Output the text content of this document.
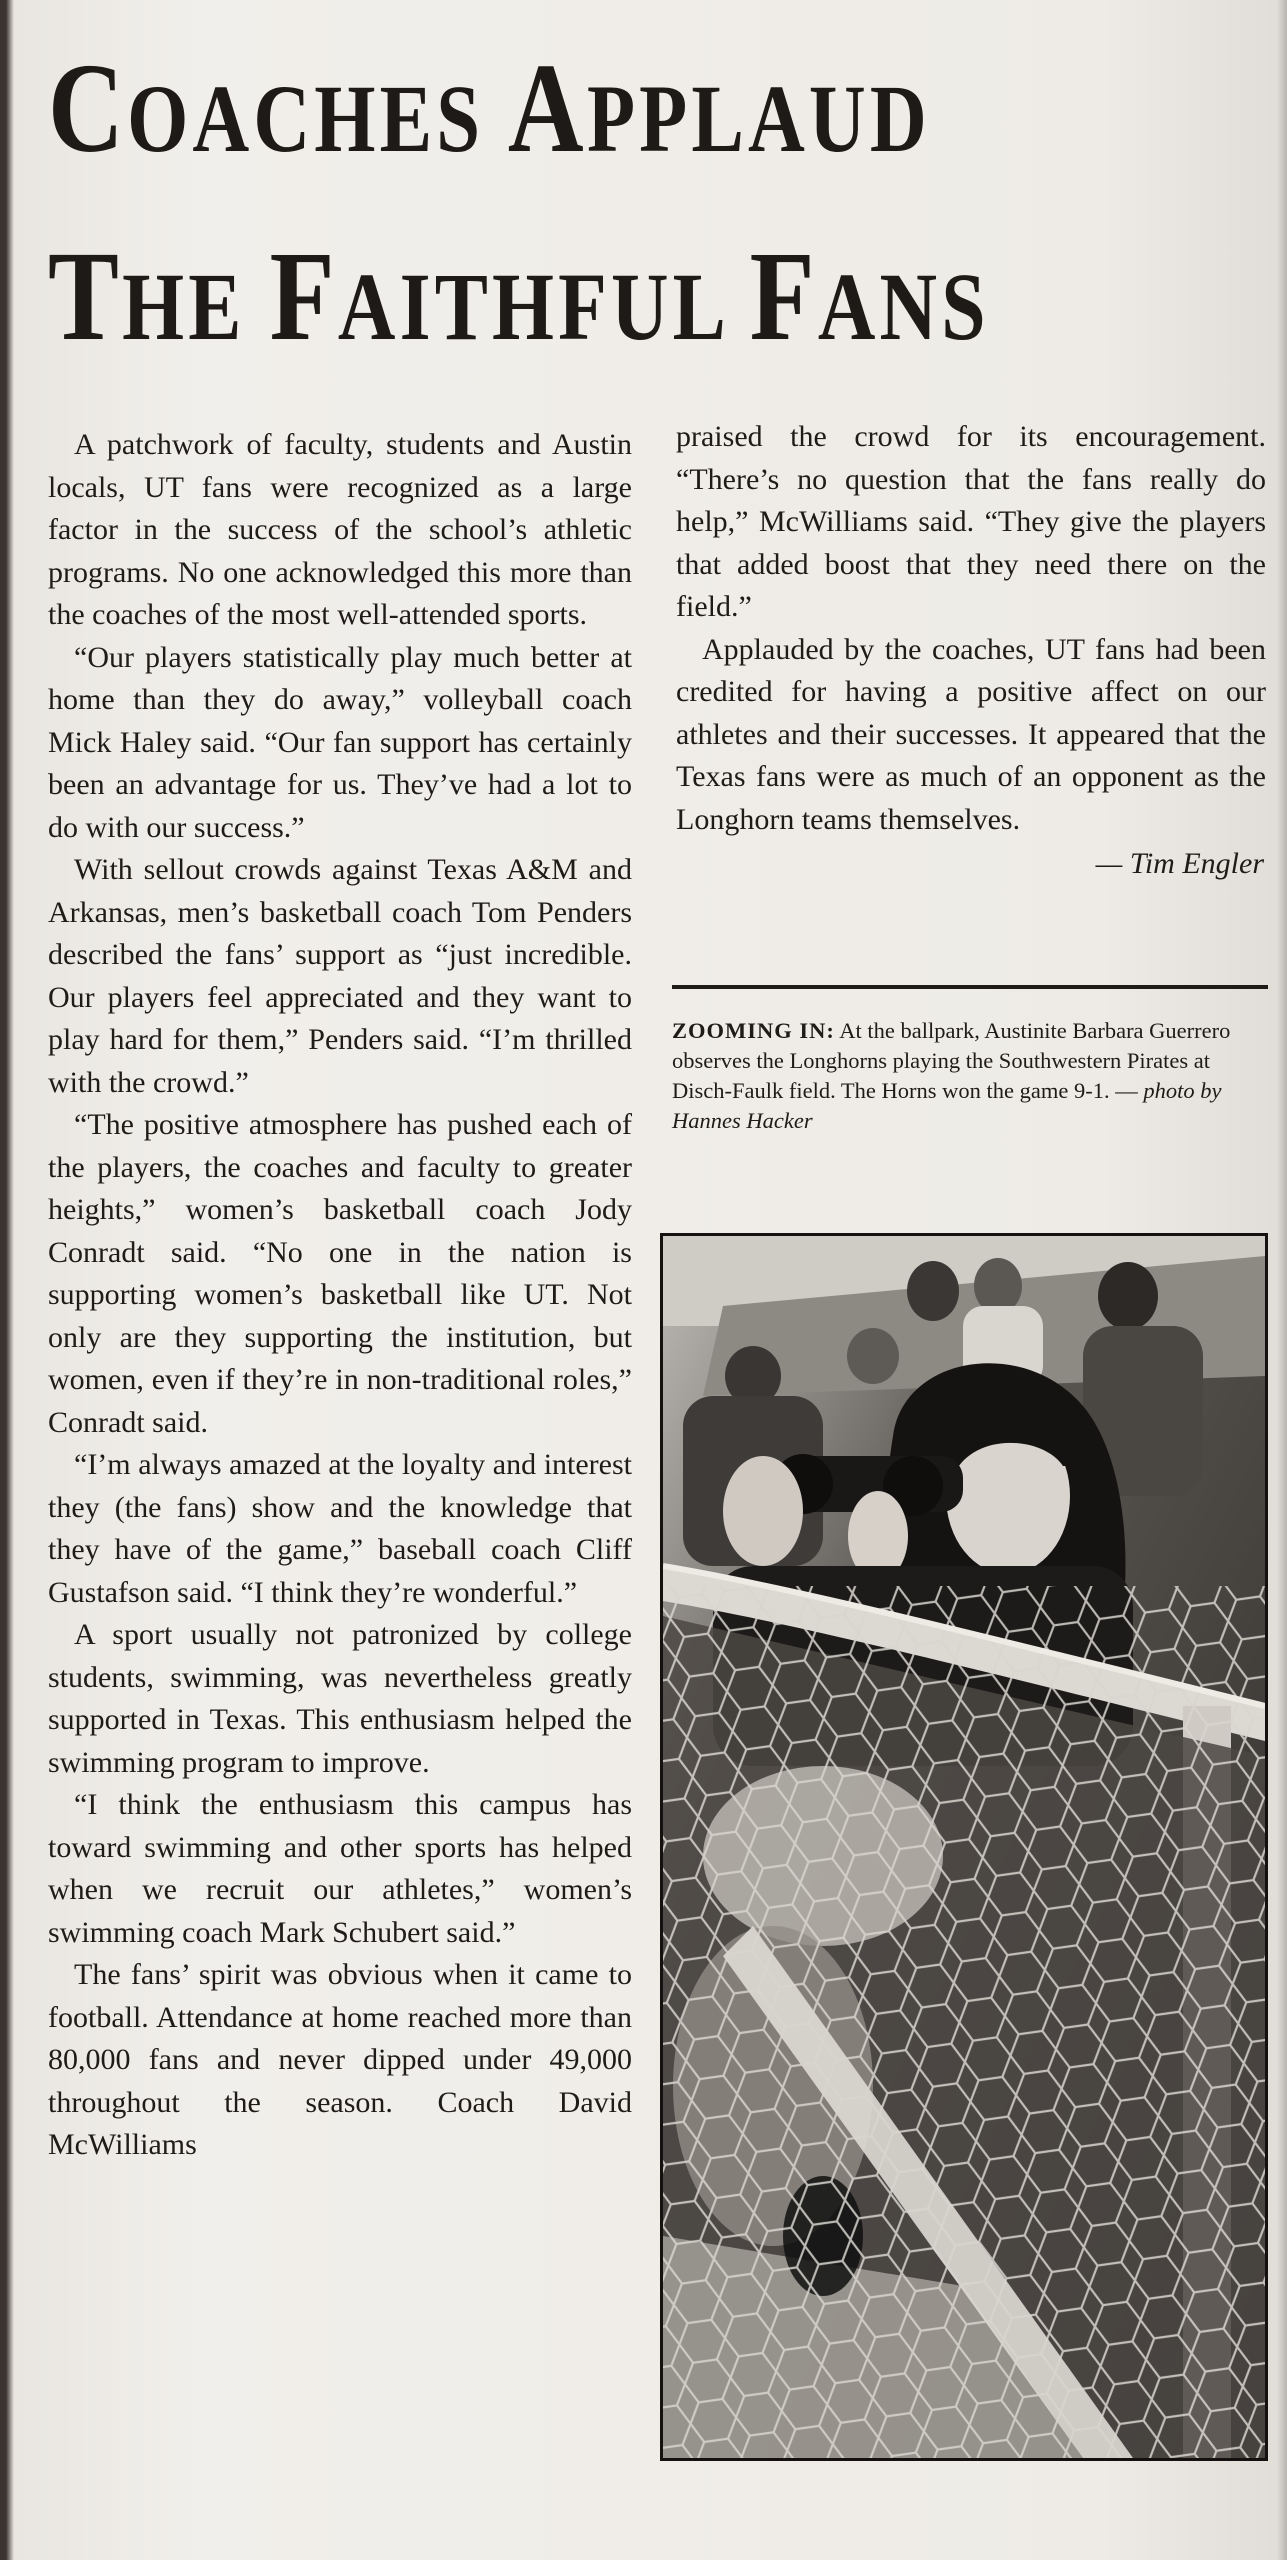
COACHES APPLAUD
THE FAITHFUL FANS

A patchwork of faculty, students and Austin locals, UT fans were recognized as a large factor in the success of the school’s athletic programs. No one acknowledged this more than the coaches of the most well-attended sports.

“Our players statistically play much better at home than they do away,” volleyball coach Mick Haley said. “Our fan support has certainly been an advantage for us. They’ve had a lot to do with our success.”

With sellout crowds against Texas A&M and Arkansas, men’s basketball coach Tom Penders described the fans’ support as “just incredible. Our players feel appreciated and they want to play hard for them,” Penders said. “I’m thrilled with the crowd.”

“The positive atmosphere has pushed each of the players, the coaches and faculty to greater heights,” women’s basketball coach Jody Conradt said. “No one in the nation is supporting women’s basketball like UT. Not only are they supporting the institution, but women, even if they’re in non-traditional roles,” Conradt said.

“I’m always amazed at the loyalty and interest they (the fans) show and the knowledge that they have of the game,” baseball coach Cliff Gustafson said. “I think they’re wonderful.”

A sport usually not patronized by college students, swimming, was nevertheless greatly supported in Texas. This enthusiasm helped the swimming program to improve.

“I think the enthusiasm this campus has toward swimming and other sports has helped when we recruit our athletes,” women’s swimming coach Mark Schubert said.”

The fans’ spirit was obvious when it came to football. Attendance at home reached more than 80,000 fans and never dipped under 49,000 throughout the season. Coach David McWilliams

praised the crowd for its encouragement. “There’s no question that the fans really do help,” McWilliams said. “They give the players that added boost that they need there on the field.”

Applauded by the coaches, UT fans had been credited for having a positive affect on our athletes and their successes. It appeared that the Texas fans were as much of an opponent as the Longhorn teams themselves.

— Tim Engler
ZOOMING IN: At the ballpark, Austinite Barbara Guerrero observes the Longhorns playing the Southwestern Pirates at Disch-Faulk field. The Horns won the game 9-1. — photo by Hannes Hacker
